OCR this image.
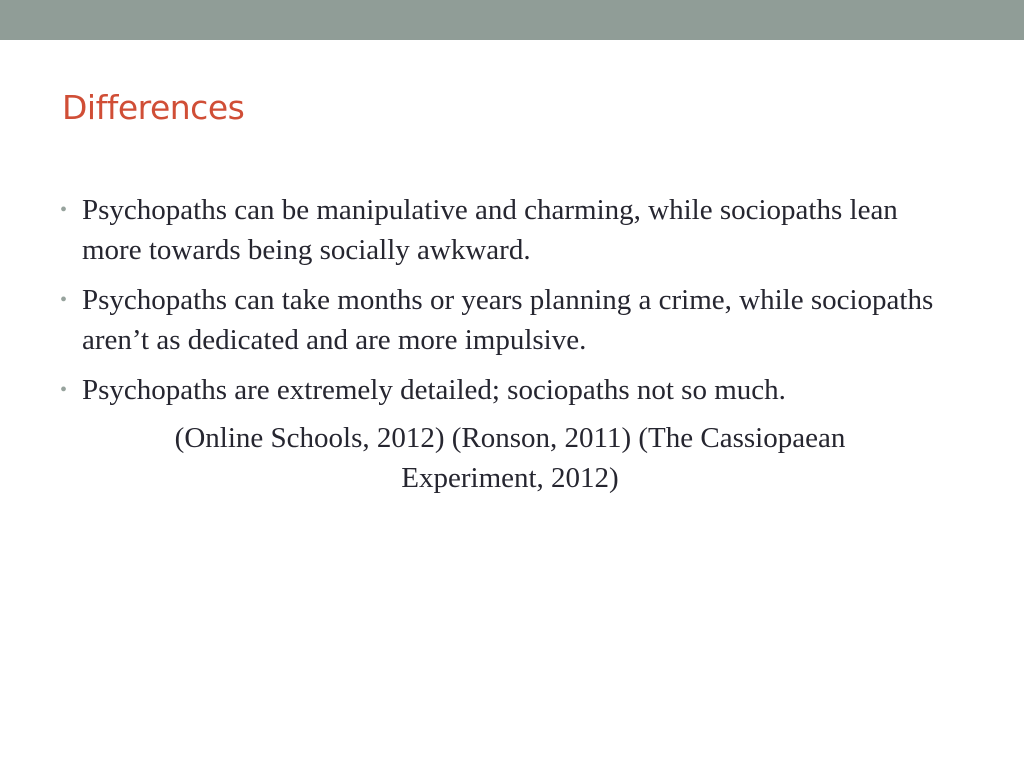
Differences
• Psychopaths can be manipulative and charming, while sociopaths lean more towards being socially awkward.
• Psychopaths can take months or years planning a crime, while sociopaths aren’t as dedicated and are more impulsive.
• Psychopaths are extremely detailed; sociopaths not so much.
(Online Schools, 2012) (Ronson, 2011) (The Cassiopaean
Experiment, 2012)
